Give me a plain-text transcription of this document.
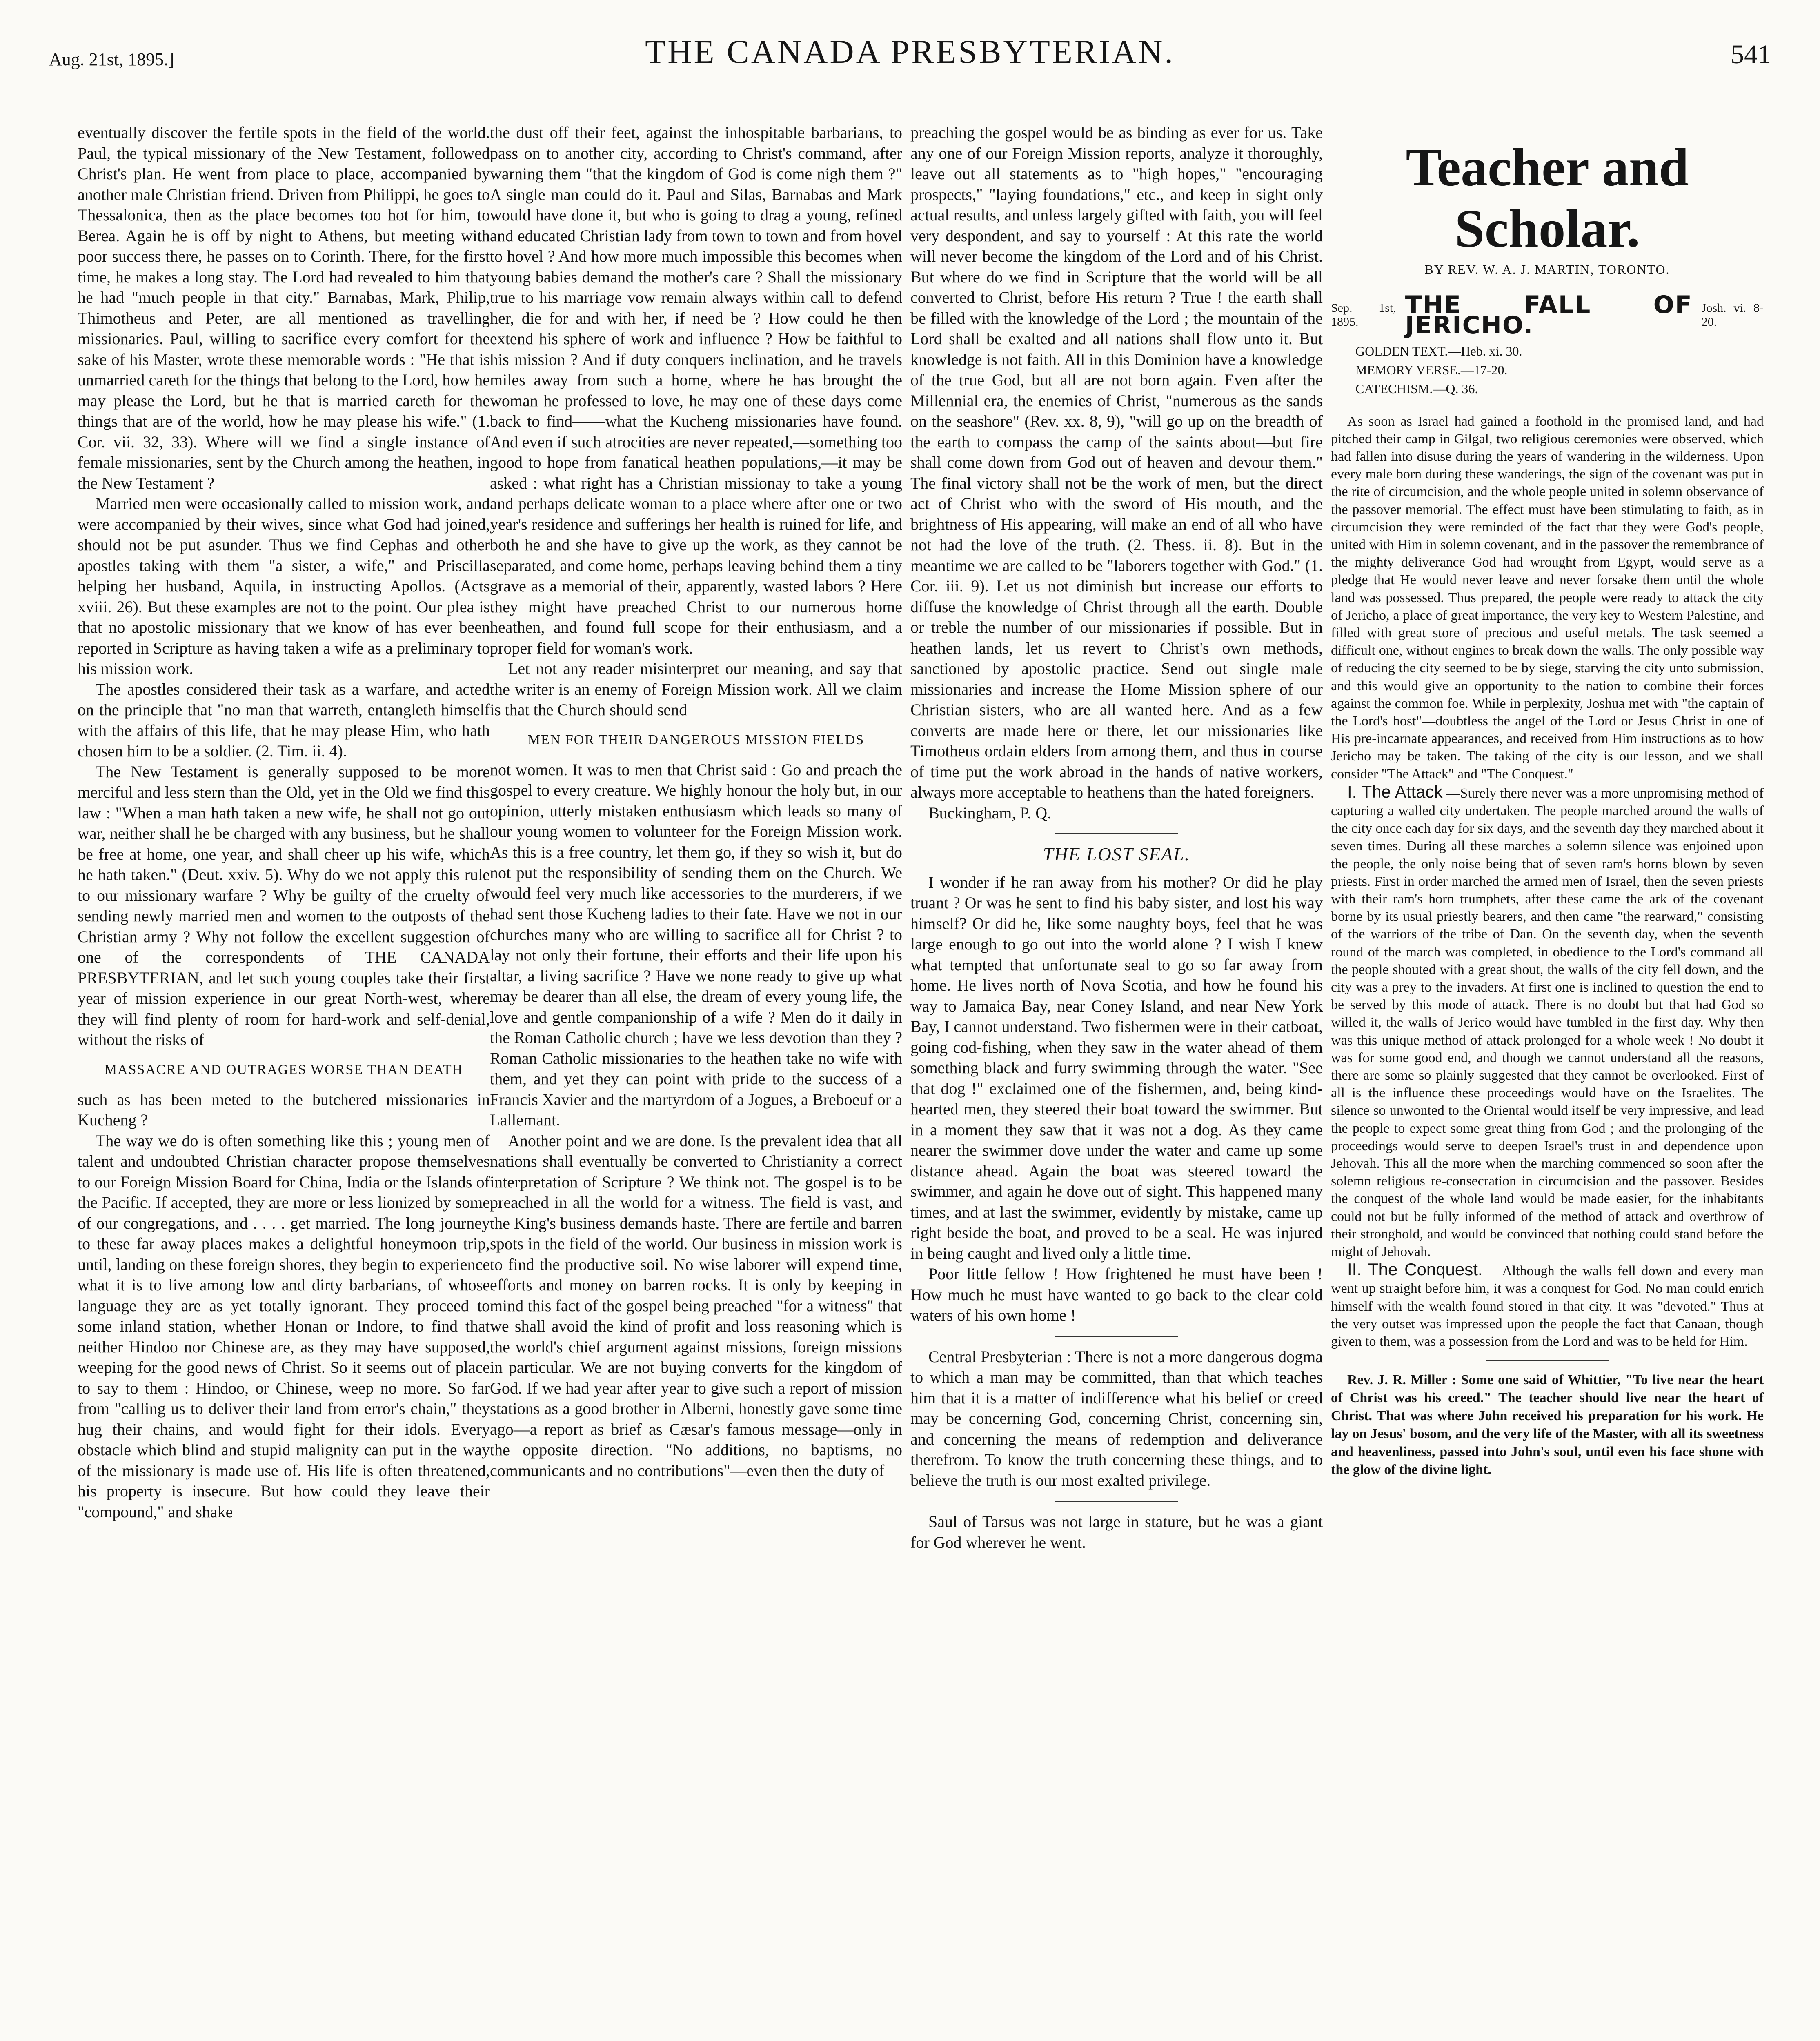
Aug. 21st, 1895.]	THE CANADA PRESBYTERIAN.	541

eventually discover the fertile spots in the field of the world. Paul, the typical missionary of the New Testament, followed Christ's plan. He went from place to place, accompanied by another male Christian friend. Driven from Philippi, he goes to Thessalonica, then as the place becomes too hot for him, to Berea. Again he is off by night to Athens, but meeting with poor success there, he passes on to Corinth. There, for the first time, he makes a long stay. The Lord had revealed to him that he had "much people in that city." Barnabas, Mark, Philip, Thimotheus and Peter, are all mentioned as travelling missionaries. Paul, willing to sacrifice every comfort for the sake of his Master, wrote these memorable words : "He that is unmarried careth for the things that belong to the Lord, how he may please the Lord, but he that is married careth for the things that are of the world, how he may please his wife." (1. Cor. vii. 32, 33). Where will we find a single instance of female missionaries, sent by the Church among the heathen, in the New Testament ?

Married men were occasionally called to mission work, and were accompanied by their wives, since what God had joined, should not be put asunder. Thus we find Cephas and other apostles taking with them "a sister, a wife," and Priscilla helping her husband, Aquila, in instructing Apollos. (Acts xviii. 26). But these examples are not to the point. Our plea is that no apostolic missionary that we know of has ever been reported in Scripture as having taken a wife as a preliminary to his mission work.

The apostles considered their task as a warfare, and acted on the principle that "no man that warreth, entangleth himself with the affairs of this life, that he may please Him, who hath chosen him to be a soldier. (2. Tim. ii. 4).

The New Testament is generally supposed to be more merciful and less stern than the Old, yet in the Old we find this law : "When a man hath taken a new wife, he shall not go out war, neither shall he be charged with any business, but he shall be free at home, one year, and shall cheer up his wife, which he hath taken." (Deut. xxiv. 5). Why do we not apply this rule to our missionary warfare ? Why be guilty of the cruelty of sending newly married men and women to the outposts of the Christian army ? Why not follow the excellent suggestion of one of the correspondents of THE CANADA PRESBYTERIAN, and let such young couples take their first year of mission experience in our great North-west, where they will find plenty of room for hard-work and self-denial, without the risks of

MASSACRE AND OUTRAGES WORSE THAN DEATH

such as has been meted to the butchered missionaries in Kucheng ?

The way we do is often something like this ; young men of talent and undoubted Christian character propose themselves to our Foreign Mission Board for China, India or the Islands of the Pacific. If accepted, they are more or less lionized by some of our congregations, and . . . . get married. The long journey to these far away places makes a delightful honeymoon trip, until, landing on these foreign shores, they begin to experience what it is to live among low and dirty barbarians, of whose language they are as yet totally ignorant. They proceed to some inland station, whether Honan or Indore, to find that neither Hindoo nor Chinese are, as they may have supposed, weeping for the good news of Christ. So it seems out of place to say to them : Hindoo, or Chinese, weep no more. So far from "calling us to deliver their land from error's chain," they hug their chains, and would fight for their idols. Every obstacle which blind and stupid malignity can put in the way of the missionary is made use of. His life is often threatened, his property is insecure. But how could they leave their "compound," and shake

the dust off their feet, against the inhospitable barbarians, to pass on to another city, according to Christ's command, after warning them "that the kingdom of God is come nigh them ?" A single man could do it. Paul and Silas, Barnabas and Mark would have done it, but who is going to drag a young, refined and educated Christian lady from town to town and from hovel to hovel ? And how more much impossible this becomes when young babies demand the mother's care ? Shall the missionary true to his marriage vow remain always within call to defend her, die for and with her, if need be ? How could he then extend his sphere of work and influence ? How be faithful to his mission ? And if duty conquers inclination, and he travels miles away from such a home, where he has brought the woman he professed to love, he may one of these days come back to find——what the Kucheng missionaries have found. And even if such atrocities are never repeated,—something too good to hope from fanatical heathen populations,—it may be asked : what right has a Christian missionay to take a young and perhaps delicate woman to a place where after one or two year's residence and sufferings her health is ruined for life, and both he and she have to give up the work, as they cannot be separated, and come home, perhaps leaving behind them a tiny grave as a memorial of their, apparently, wasted labors ? Here they might have preached Christ to our numerous home heathen, and found full scope for their enthusiasm, and a proper field for woman's work.

Let not any reader misinterpret our meaning, and say that the writer is an enemy of Foreign Mission work. All we claim is that the Church should send

MEN FOR THEIR DANGEROUS MISSION FIELDS

not women. It was to men that Christ said : Go and preach the gospel to every creature. We highly honour the holy but, in our opinion, utterly mistaken enthusiasm which leads so many of our young women to volunteer for the Foreign Mission work. As this is a free country, let them go, if they so wish it, but do not put the responsibility of sending them on the Church. We would feel very much like accessories to the murderers, if we had sent those Kucheng ladies to their fate. Have we not in our churches many who are willing to sacrifice all for Christ ? to lay not only their fortune, their efforts and their life upon his altar, a living sacrifice ? Have we none ready to give up what may be dearer than all else, the dream of every young life, the love and gentle companionship of a wife ? Men do it daily in the Roman Catholic church ; have we less devotion than they ? Roman Catholic missionaries to the heathen take no wife with them, and yet they can point with pride to the success of a Francis Xavier and the martyrdom of a Jogues, a Breboeuf or a Lallemant.

Another point and we are done. Is the prevalent idea that all nations shall eventually be converted to Christianity a correct interpretation of Scripture ? We think not. The gospel is to be preached in all the world for a witness. The field is vast, and the King's business demands haste. There are fertile and barren spots in the field of the world. Our business in mission work is to find the productive soil. No wise laborer will expend time, efforts and money on barren rocks. It is only by keeping in mind this fact of the gospel being preached "for a witness" that we shall avoid the kind of profit and loss reasoning which is the world's chief argument against missions, foreign missions in particular. We are not buying converts for the kingdom of God. If we had year after year to give such a report of mission stations as a good brother in Alberni, honestly gave some time ago—a report as brief as Cæsar's famous message—only in the opposite direction. "No additions, no baptisms, no communicants and no contributions"—even then the duty of

preaching the gospel would be as binding as ever for us. Take any one of our Foreign Mission reports, analyze it thoroughly, leave out all statements as to "high hopes," "encouraging prospects," "laying foundations," etc., and keep in sight only actual results, and unless largely gifted with faith, you will feel very despondent, and say to yourself : At this rate the world will never become the kingdom of the Lord and of his Christ. But where do we find in Scripture that the world will be all converted to Christ, before His return ? True ! the earth shall be filled with the knowledge of the Lord ; the mountain of the Lord shall be exalted and all nations shall flow unto it. But knowledge is not faith. All in this Dominion have a knowledge of the true God, but all are not born again. Even after the Millennial era, the enemies of Christ, "numerous as the sands on the seashore" (Rev. xx. 8, 9), "will go up on the breadth of the earth to compass the camp of the saints about—but fire shall come down from God out of heaven and devour them." The final victory shall not be the work of men, but the direct act of Christ who with the sword of His mouth, and the brightness of His appearing, will make an end of all who have not had the love of the truth. (2. Thess. ii. 8). But in the meantime we are called to be "laborers together with God." (1. Cor. iii. 9). Let us not diminish but increase our efforts to diffuse the knowledge of Christ through all the earth. Double or treble the number of our missionaries if possible. But in heathen lands, let us revert to Christ's own methods, sanctioned by apostolic practice. Send out single male missionaries and increase the Home Mission sphere of our Christian sisters, who are all wanted here. And as a few converts are made here or there, let our missionaries like Timotheus ordain elders from among them, and thus in course of time put the work abroad in the hands of native workers, always more acceptable to heathens than the hated foreigners.

Buckingham, P. Q.

THE LOST SEAL.

I wonder if he ran away from his mother? Or did he play truant ? Or was he sent to find his baby sister, and lost his way himself? Or did he, like some naughty boys, feel that he was large enough to go out into the world alone ? I wish I knew what tempted that unfortunate seal to go so far away from home. He lives north of Nova Scotia, and how he found his way to Jamaica Bay, near Coney Island, and near New York Bay, I cannot understand. Two fishermen were in their catboat, going cod-fishing, when they saw in the water ahead of them something black and furry swimming through the water. "See that dog !" exclaimed one of the fishermen, and, being kind-hearted men, they steered their boat toward the swimmer. But in a moment they saw that it was not a dog. As they came nearer the swimmer dove under the water and came up some distance ahead. Again the boat was steered toward the swimmer, and again he dove out of sight. This happened many times, and at last the swimmer, evidently by mistake, came up right beside the boat, and proved to be a seal. He was injured in being caught and lived only a little time.

Poor little fellow ! How frightened he must have been ! How much he must have wanted to go back to the clear cold waters of his own home !

Central Presbyterian : There is not a more dangerous dogma to which a man may be committed, than that which teaches him that it is a matter of indifference what his belief or creed may be concerning God, concerning Christ, concerning sin, and concerning the means of redemption and deliverance therefrom. To know the truth concerning these things, and to believe the truth is our most exalted privilege.

Saul of Tarsus was not large in stature, but he was a giant for God wherever he went.

Teacher and Scholar.
BY REV. W. A. J. MARTIN, TORONTO.
Sep. 1st, 1895.
THE FALL OF JERICHO.
Josh. vi. 8-20.
GOLDEN TEXT.—Heb. xi. 30.
MEMORY VERSE.—17-20.
CATECHISM.—Q. 36.

As soon as Israel had gained a foothold in the promised land, and had pitched their camp in Gilgal, two religious ceremonies were observed, which had fallen into disuse during the years of wandering in the wilderness. Upon every male born during these wanderings, the sign of the covenant was put in the rite of circumcision, and the whole people united in solemn observance of the passover memorial. The effect must have been stimulating to faith, as in circumcision they were reminded of the fact that they were God's people, united with Him in solemn covenant, and in the passover the remembrance of the mighty deliverance God had wrought from Egypt, would serve as a pledge that He would never leave and never forsake them until the whole land was possessed. Thus prepared, the people were ready to attack the city of Jericho, a place of great importance, the very key to Western Palestine, and filled with great store of precious and useful metals. The task seemed a difficult one, without engines to break down the walls. The only possible way of reducing the city seemed to be by siege, starving the city unto submission, and this would give an opportunity to the nation to combine their forces against the common foe. While in perplexity, Joshua met with "the captain of the Lord's host"—doubtless the angel of the Lord or Jesus Christ in one of His pre-incarnate appearances, and received from Him instructions as to how Jericho may be taken. The taking of the city is our lesson, and we shall consider "The Attack" and "The Conquest."

I. The Attack —Surely there never was a more unpromising method of capturing a walled city undertaken. The people marched around the walls of the city once each day for six days, and the seventh day they marched about it seven times. During all these marches a solemn silence was enjoined upon the people, the only noise being that of seven ram's horns blown by seven priests. First in order marched the armed men of Israel, then the seven priests with their ram's horn trumphets, after these came the ark of the covenant borne by its usual priestly bearers, and then came "the rearward," consisting of the warriors of the tribe of Dan. On the seventh day, when the seventh round of the march was completed, in obedience to the Lord's command all the people shouted with a great shout, the walls of the city fell down, and the city was a prey to the invaders. At first one is inclined to question the end to be served by this mode of attack. There is no doubt but that had God so willed it, the walls of Jerico would have tumbled in the first day. Why then was this unique method of attack prolonged for a whole week ! No doubt it was for some good end, and though we cannot understand all the reasons, there are some so plainly suggested that they cannot be overlooked. First of all is the influence these proceedings would have on the Israelites. The silence so unwonted to the Oriental would itself be very impressive, and lead the people to expect some great thing from God ; and the prolonging of the proceedings would serve to deepen Israel's trust in and dependence upon Jehovah. This all the more when the marching commenced so soon after the solemn religious re-consecration in circumcision and the passover. Besides the conquest of the whole land would be made easier, for the inhabitants could not but be fully informed of the method of attack and overthrow of their stronghold, and would be convinced that nothing could stand before the might of Jehovah.

II. The Conquest. —Although the walls fell down and every man went up straight before him, it was a conquest for God. No man could enrich himself with the wealth found stored in that city. It was "devoted." Thus at the very outset was impressed upon the people the fact that Canaan, though given to them, was a possession from the Lord and was to be held for Him.

Rev. J. R. Miller : Some one said of Whittier, "To live near the heart of Christ was his creed." The teacher should live near the heart of Christ. That was where John received his preparation for his work. He lay on Jesus' bosom, and the very life of the Master, with all its sweetness and heavenliness, passed into John's soul, until even his face shone with the glow of the divine light.
